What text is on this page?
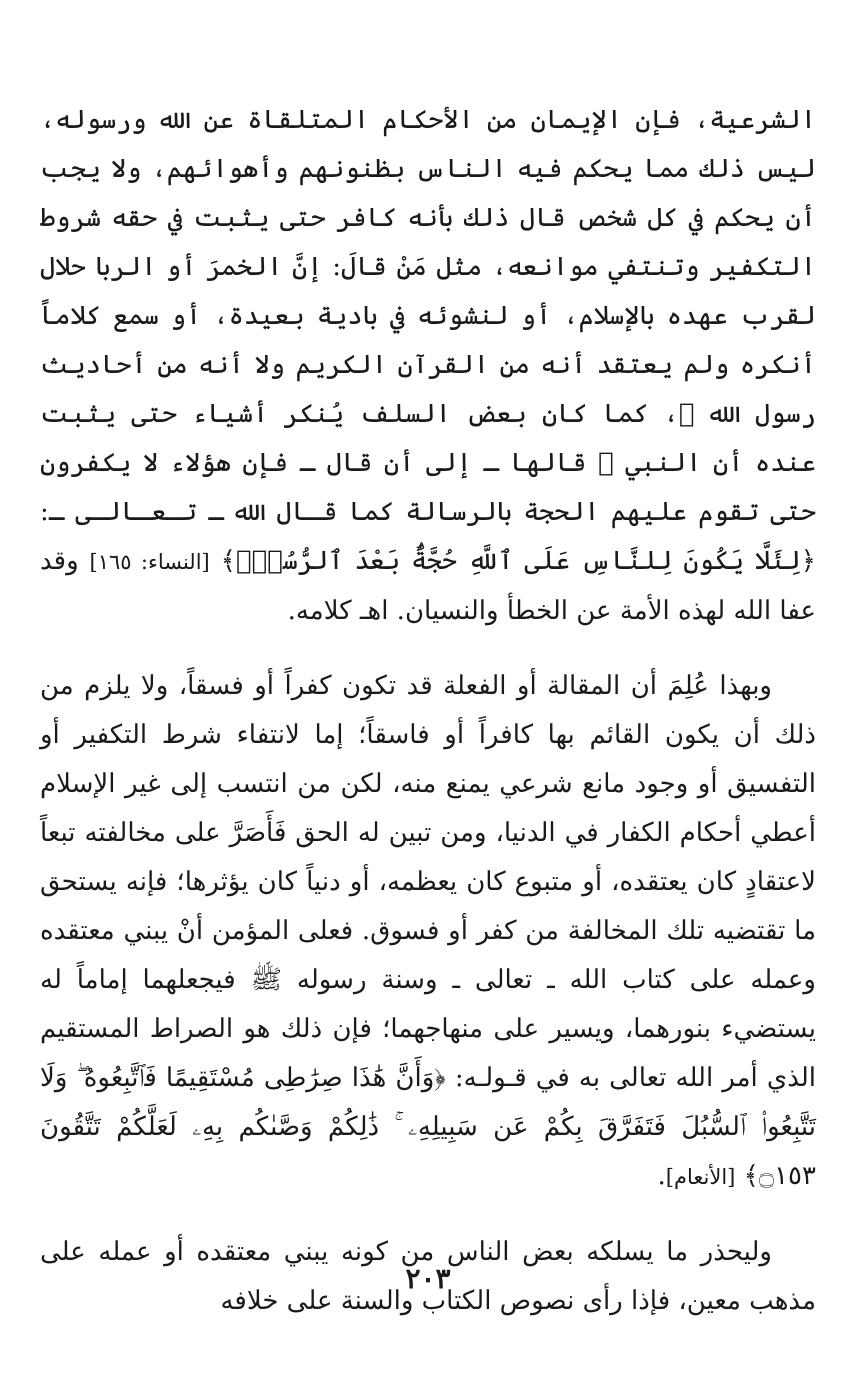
الشرعية، فإن الإيمان من الأحكام المتلقاة عن الله ورسوله، ليس ذلك مما يحكم فيه الناس بظنونهم وأهوائهم، ولا يجب أن يحكم في كل شخص قال ذلك بأنه كافر حتى يثبت في حقه شروط التكفير وتنتفي موانعه، مثل مَنْ قالَ: إنَّ الخمرَ أو الربا حلال لقرب عهده بالإسلام، أو لنشوئه في بادية بعيدة، أو سمع كلاماً أنكره ولم يعتقد أنه من القرآن الكريم ولا أنه من أحاديث رسول الله ﷺ، كما كان بعض السلف يُنكر أشياء حتى يثبت عنده أن النبي ﷺ قالها ـ إلى أن قال ـ فإن هؤلاء لا يكفرون حتى تقوم عليهم الحجة بالرسالة كما قـال الله ـ تـعـالـى ـ: ﴿لِئَلَّا يَكُونَ لِلنَّاسِ عَلَى ٱللَّهِ حُجَّةٌۢ بَعْدَ ٱلرُّسُلِۚ﴾ [النساء: ١٦٥] وقد عفا الله لهذه الأمة عن الخطأ والنسيان. اهـ كلامه.

وبهذا عُلِمَ أن المقالة أو الفعلة قد تكون كفراً أو فسقاً، ولا يلزم من ذلك أن يكون القائم بها كافراً أو فاسقاً؛ إما لانتفاء شرط التكفير أو التفسيق أو وجود مانع شرعي يمنع منه، لكن من انتسب إلى غير الإسلام أعطي أحكام الكفار في الدنيا، ومن تبين له الحق فَأَصَرَّ على مخالفته تبعاً لاعتقادٍ كان يعتقده، أو متبوع كان يعظمه، أو دنياً كان يؤثرها؛ فإنه يستحق ما تقتضيه تلك المخالفة من كفر أو فسوق. فعلى المؤمن أنْ يبني معتقده وعمله على كتاب الله ـ تعالى ـ وسنة رسوله ﷺ فيجعلهما إماماً له يستضيء بنورهما، ويسير على منهاجهما؛ فإن ذلك هو الصراط المستقيم الذي أمر الله تعالى به في قـولـه: ﴿وَأَنَّ هَٰذَا صِرَٰطِى مُسْتَقِيمًا فَٱتَّبِعُوهُ ۖ وَلَا تَتَّبِعُوا۟ ٱلسُّبُلَ فَتَفَرَّقَ بِكُمْ عَن سَبِيلِهِۦ ۚ ذَٰلِكُمْ وَصَّىٰكُم بِهِۦ لَعَلَّكُمْ تَتَّقُونَ ۝١٥٣﴾ [الأنعام].

وليحذر ما يسلكه بعض الناس من كونه يبني معتقده أو عمله على مذهب معين، فإذا رأى نصوص الكتاب والسنة على خلافه

٢٠٣
